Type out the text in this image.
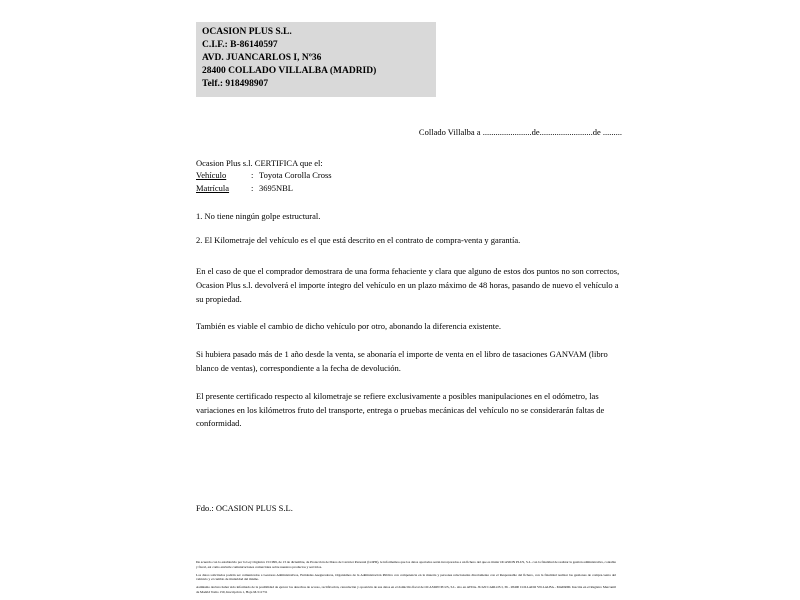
OCASION PLUS S.L.
C.I.F.: B-86140597
AVD. JUANCARLOS I, Nº36
28400 COLLADO VILLALBA (MADRID)
Telf.: 918498907
Collado Villalba a .......................de.........................de .........
Ocasion Plus s.l. CERTIFICA que el:
Vehículo	: Toyota Corolla Cross
Matrícula	: 3695NBL

1. No tiene ningún golpe estructural.

2. El Kilometraje del vehículo es el que está descrito en el contrato de compra-venta y garantía.

En el caso de que el comprador demostrara de una forma fehaciente y clara que alguno de estos dos puntos no son correctos, Ocasion Plus s.l. devolverá el importe íntegro del vehículo en un plazo máximo de 48 horas, pasando de nuevo el vehículo a su propiedad.

También es viable el cambio de dicho vehículo por otro, abonando la diferencia existente.

Si hubiera pasado más de 1 año desde la venta, se abonaría el importe de venta en el libro de tasaciones GANVAM (libro blanco de ventas), correspondiente a la fecha de devolución.

El presente certificado respecto al kilometraje se refiere exclusivamente a posibles manipulaciones en el odómetro, las variaciones en los kilómetros fruto del transporte, entrega o pruebas mecánicas del vehículo no se considerarán faltas de conformidad.

Fdo.: OCASION PLUS S.L.

De acuerdo con lo establecido por la Ley Orgánica 15/1999, de 13 de diciembre, de Protección de Datos de Carácter Personal (LOPD), le informamos que los datos aportados serán incorporados a un fichero del que es titular OCASION PLUS, S.L. con la finalidad de realizar la gestión administrativa, contable y fiscal, así como enviarle comunicaciones comerciales sobre nuestros productos y servicios.

Los datos solicitados podrán ser comunicados a Gestores Administrativos, Entidades Aseguradoras, Organismos de la Administración Pública con competencia en la materia y personas relacionadas directamente con el Responsable del fichero, con la finalidad realizar las gestiones de compra-venta del vehículo y el cambio de titularidad del mismo.

Asimismo declaro haber sido informado de la posibilidad de ejercer los derechos de acceso, rectificación, cancelación y oposición de sus datos en el domicilio fiscal de OCASION PLUS, S.L. sito en AVDA. JUAN CARLOS I, 36 - 28400 COLLADO VILLALBA - MADRID. Inscrita en el Registro Mercantil de Madrid Tomo 150, Inscripción 1, Hoja M-511731
